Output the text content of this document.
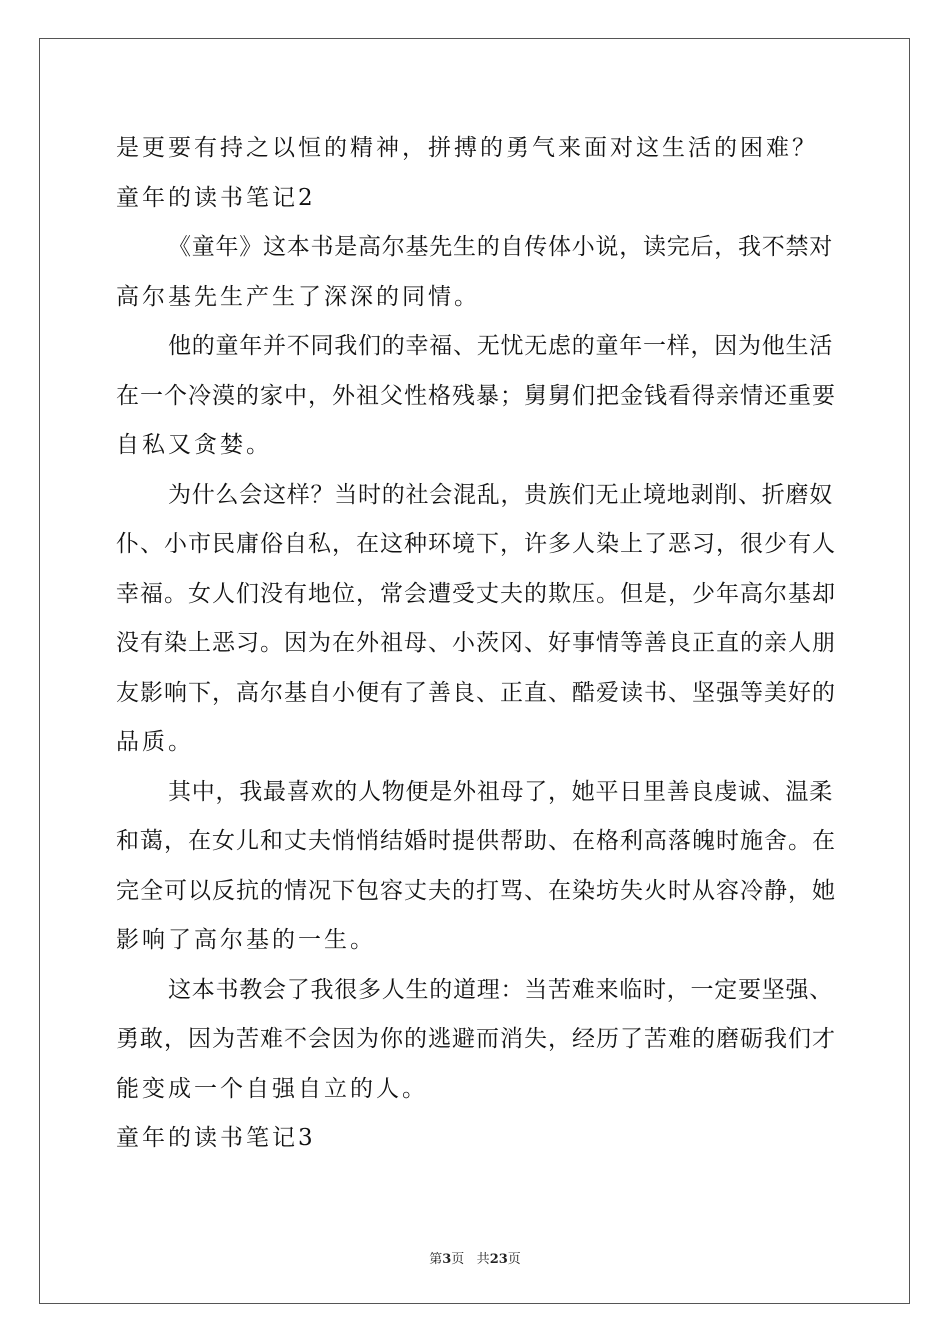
是更要有持之以恒的精神，拼搏的勇气来面对这生活的困难？
童年的读书笔记2
《童年》这本书是高尔基先生的自传体小说，读完后，我不禁对
高尔基先生产生了深深的同情。
他的童年并不同我们的幸福、无忧无虑的童年一样，因为他生活
在一个冷漠的家中，外祖父性格残暴；舅舅们把金钱看得亲情还重要
自私又贪婪。
为什么会这样？当时的社会混乱，贵族们无止境地剥削、折磨奴
仆、小市民庸俗自私，在这种环境下，许多人染上了恶习，很少有人
幸福。女人们没有地位，常会遭受丈夫的欺压。但是，少年高尔基却
没有染上恶习。因为在外祖母、小茨冈、好事情等善良正直的亲人朋
友影响下，高尔基自小便有了善良、正直、酷爱读书、坚强等美好的
品质。
其中，我最喜欢的人物便是外祖母了，她平日里善良虔诚、温柔
和蔼，在女儿和丈夫悄悄结婚时提供帮助、在格利高落魄时施舍。在
完全可以反抗的情况下包容丈夫的打骂、在染坊失火时从容冷静，她
影响了高尔基的一生。
这本书教会了我很多人生的道理：当苦难来临时，一定要坚强、
勇敢，因为苦难不会因为你的逃避而消失，经历了苦难的磨砺我们才
能变成一个自强自立的人。
童年的读书笔记3
第3页 共23页
